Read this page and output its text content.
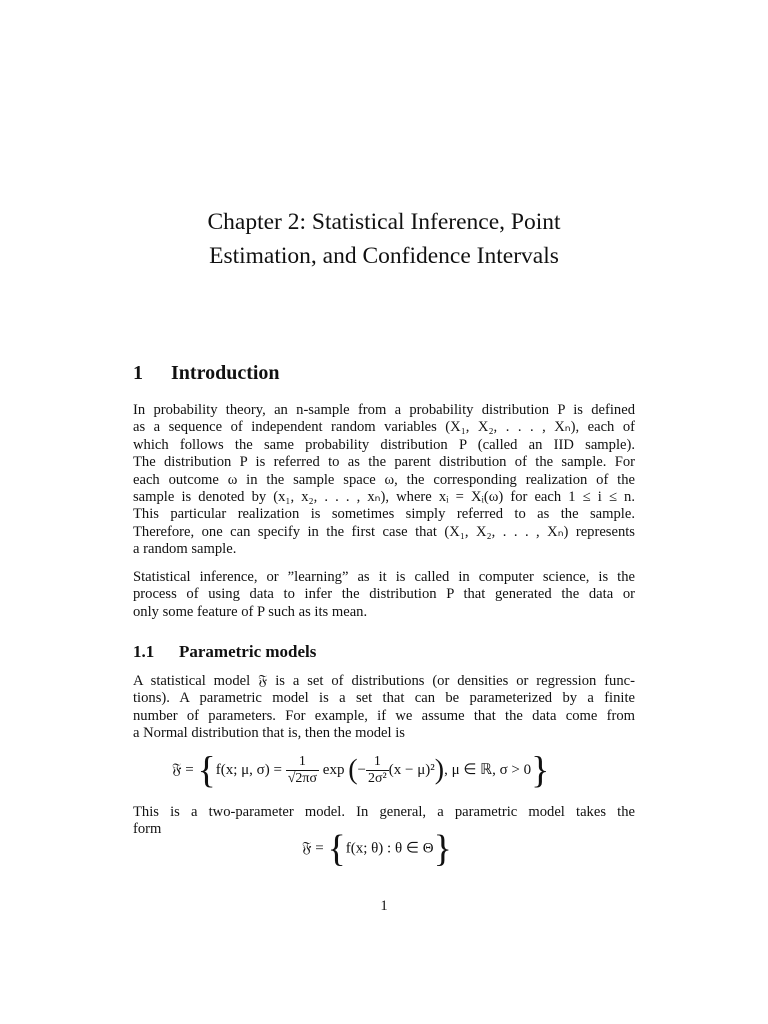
Chapter 2: Statistical Inference, Point
Estimation, and Confidence Intervals
1 Introduction
In probability theory, an n-sample from a probability distribution P is defined
as a sequence of independent random variables (X₁, X₂, . . . , Xₙ), each of
which follows the same probability distribution P (called an IID sample).
The distribution P is referred to as the parent distribution of the sample. For
each outcome ω in the sample space ω, the corresponding realization of the
sample is denoted by (x₁, x₂, . . . , xₙ), where xᵢ = Xᵢ(ω) for each 1 ≤ i ≤ n.
This particular realization is sometimes simply referred to as the sample.
Therefore, one can specify in the first case that (X₁, X₂, . . . , Xₙ) represents
a random sample.
Statistical inference, or ”learning” as it is called in computer science, is the
process of using data to infer the distribution P that generated the data or
only some feature of P such as its mean.
1.1 Parametric models
A statistical model 𝔉 is a set of distributions (or densities or regression func-
tions). A parametric model is a set that can be parameterized by a finite
number of parameters. For example, if we assume that the data come from
a Normal distribution that is, then the model is
𝔉 = {f(x; μ, $\sigma) = \frac{1}{√2\pi\sigma}$ exp (− $\frac{1}{\text{2σ²}} (x - \mu)^2$), μ ∈ ℝ, σ > 0}
This is a two-parameter model. In general, a parametric model takes the
form
𝔉 = {f(x; θ) : θ ∈ Θ}
1
